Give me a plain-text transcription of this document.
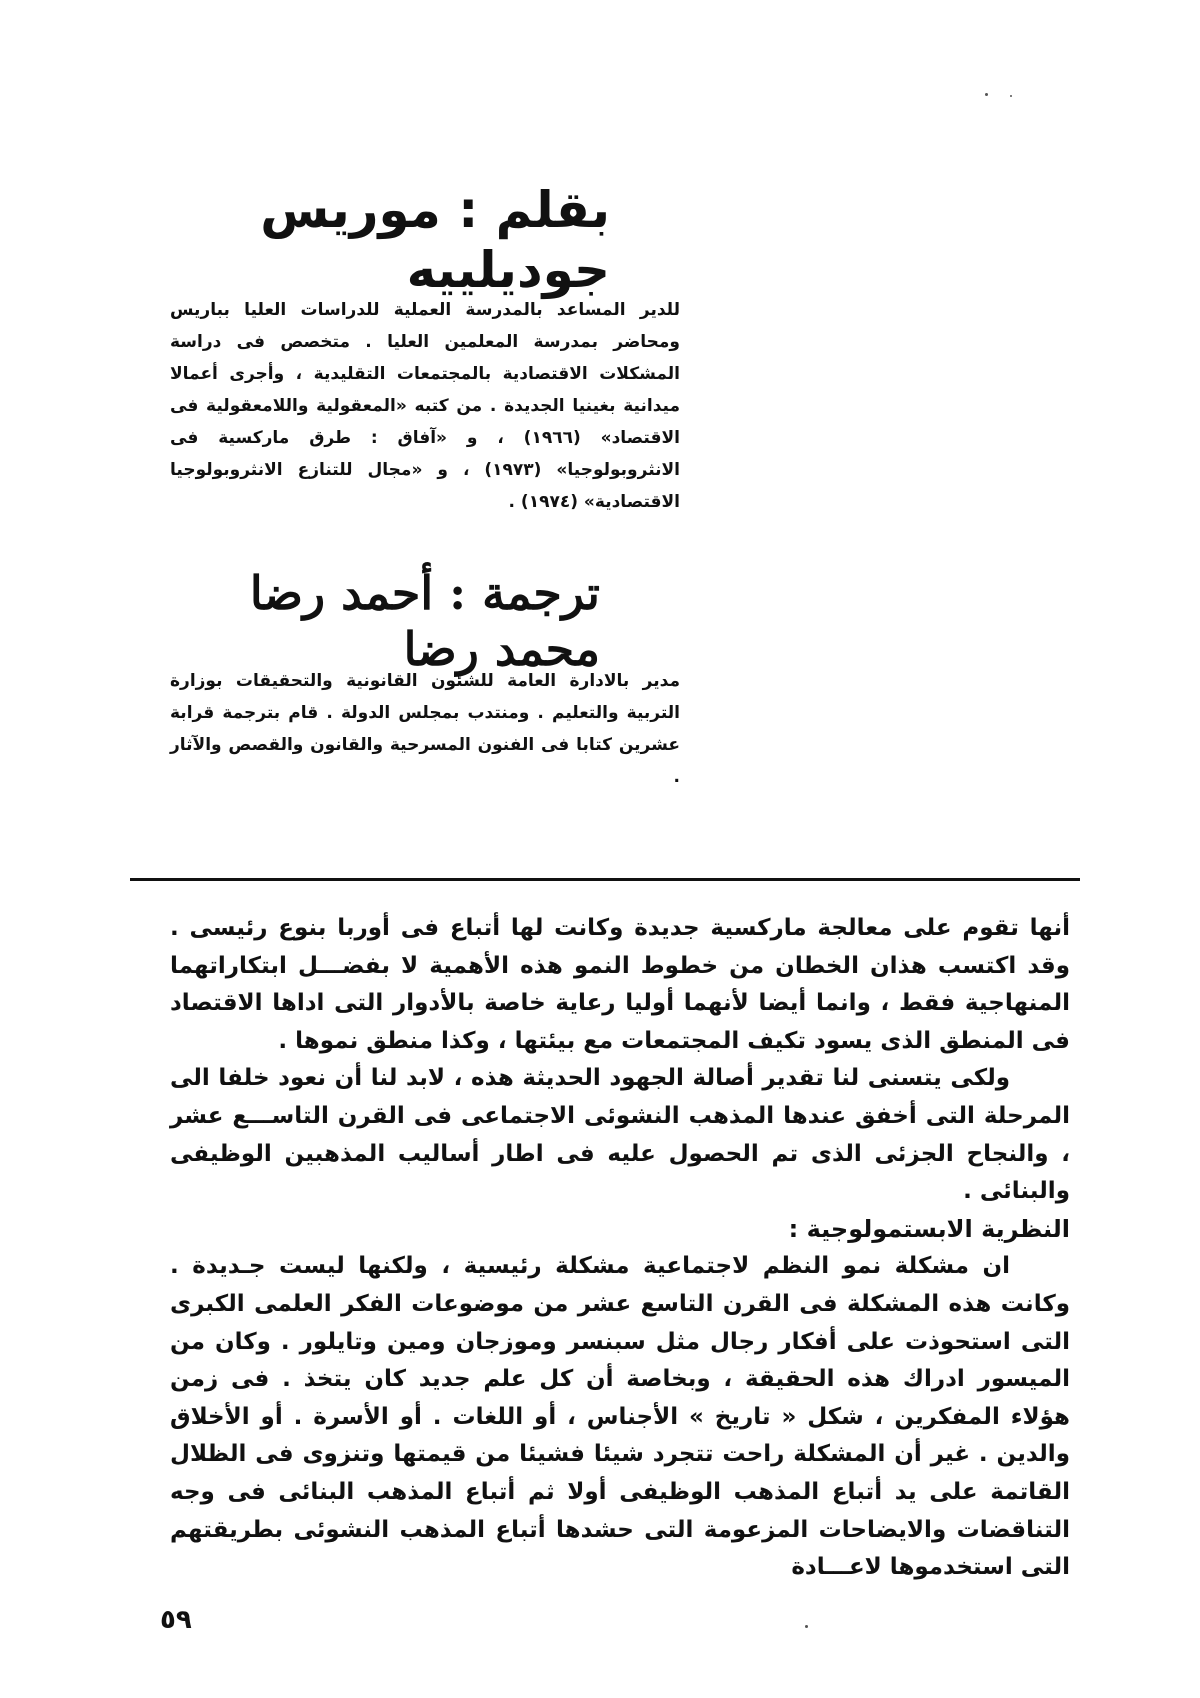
بقلم : موريس جوديلييه
للدير المساعد بالمدرسة العملية للدراسات العليا بباريس ومحاضر بمدرسة المعلمين العليا . متخصص فى دراسة المشكلات الاقتصادية بالمجتمعات التقليدية ، وأجرى أعمالا ميدانية بغينيا الجديدة . من كتبه «المعقولية واللامعقولية فى الاقتصاد» (١٩٦٦) ، و «آفاق : طرق ماركسية فى الانثروبولوجيا» (١٩٧٣) ، و «مجال للتنازع الانثروبولوجيا الاقتصادية» (١٩٧٤) .
ترجمة : أحمد رضا محمد رضا
مدير بالادارة العامة للشئون القانونية والتحقيقات بوزارة التربية والتعليم . ومنتدب بمجلس الدولة . قام بترجمة قرابة عشرين كتابا فى الفنون المسرحية والقانون والقصص والآثار .

أنها تقوم على معالجة ماركسية جديدة وكانت لها أتباع فى أوربا بنوع رئيسى . وقد اكتسب هذان الخطان من خطوط النمو هذه الأهمية لا بفضـــل ابتكاراتهما المنهاجية فقط ، وانما أيضا لأنهما أوليا رعاية خاصة بالأدوار التى اداها الاقتصاد فى المنطق الذى يسود تكيف المجتمعات مع بيئتها ، وكذا منطق نموها .

ولكى يتسنى لنا تقدير أصالة الجهود الحديثة هذه ، لابد لنا أن نعود خلفا الى المرحلة التى أخفق عندها المذهب النشوئى الاجتماعى فى القرن التاســـع عشر ، والنجاح الجزئى الذى تم الحصول عليه فى اطار أساليب المذهبين الوظيفى والبنائى .

النظرية الابستمولوجية :

ان مشكلة نمو النظم لاجتماعية مشكلة رئيسية ، ولكنها ليست جـديدة . وكانت هذه المشكلة فى القرن التاسع عشر من موضوعات الفكر العلمى الكبرى التى استحوذت على أفكار رجال مثل سبنسر وموزجان ومين وتايلور . وكان من الميسور ادراك هذه الحقيقة ، وبخاصة أن كل علم جديد كان يتخذ . فى زمن هؤلاء المفكرين ، شكل « تاريخ » الأجناس ، أو اللغات . أو الأسرة . أو الأخلاق والدين . غير أن المشكلة راحت تتجرد شيئا فشيئا من قيمتها وتنزوى فى الظلال القاتمة على يد أتباع المذهب الوظيفى أولا ثم أتباع المذهب البنائى فى وجه التناقضات والايضاحات المزعومة التى حشدها أتباع المذهب النشوئى بطريقتهم التى استخدموها لاعـــادة

٥٩
